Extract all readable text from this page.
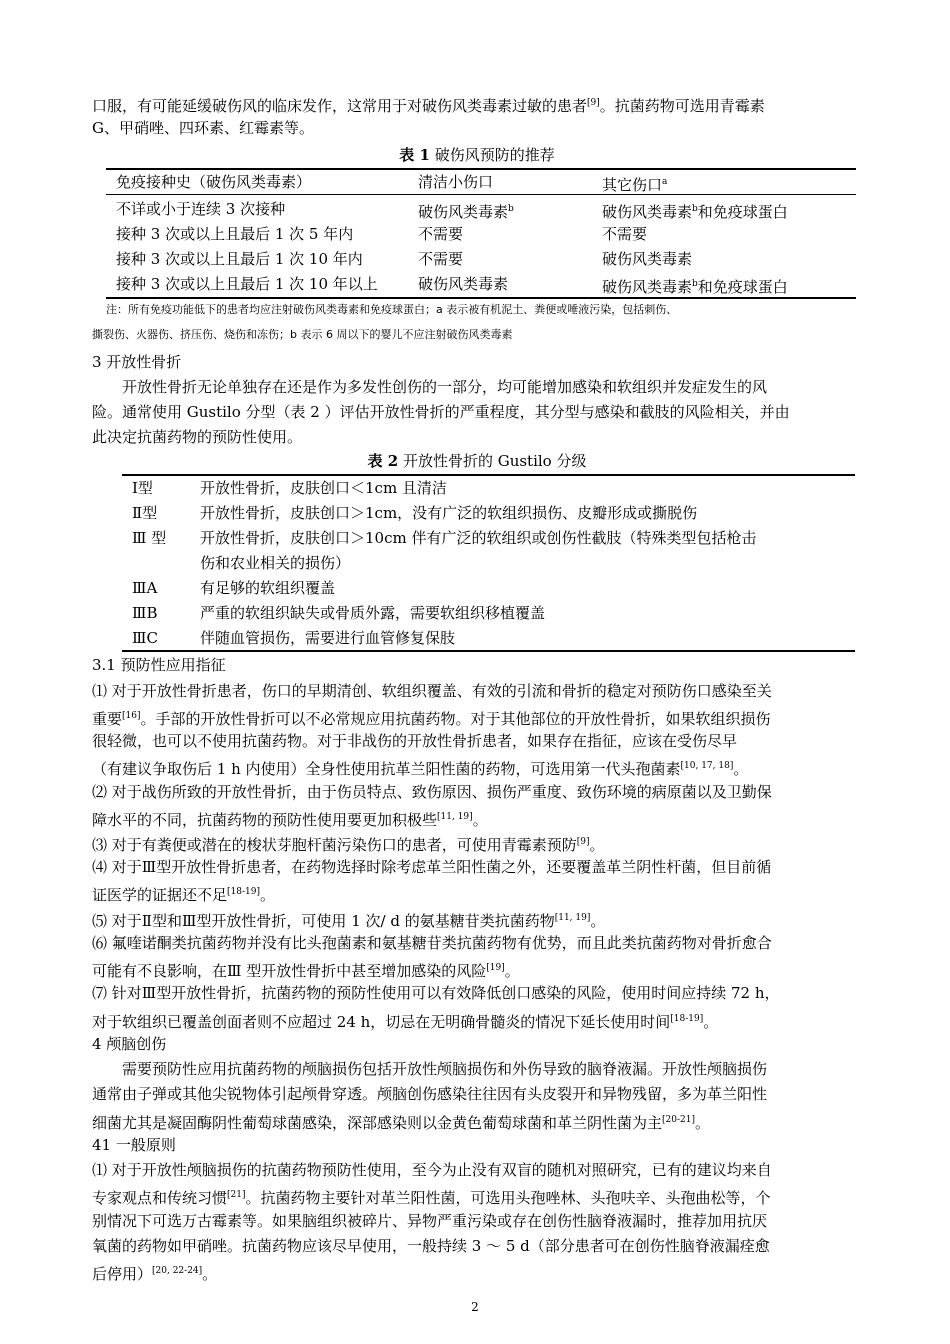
口服，有可能延缓破伤风的临床发作，这常用于对破伤风类毒素过敏的患者[9]。抗菌药物可选用青霉素
G、甲硝唑、四环素、红霉素等。
表 1 破伤风预防的推荐
免疫接种史（破伤风类毒素）	清洁小伤口	其它伤口$^a$
不详或小于连续 3 次接种	破伤风类毒素$^b$	破伤风类毒素$^b$和免疫球蛋白
接种 3 次或以上且最后 1 次 5 年内	不需要	不需要
接种 3 次或以上且最后 1 次 10 年内	不需要	破伤风类毒素
接种 3 次或以上且最后 1 次 10 年以上	破伤风类毒素	破伤风类毒素$^b$和免疫球蛋白
注：所有免疫功能低下的患者均应注射破伤风类毒素和免疫球蛋白；a 表示被有机泥土、粪便或唾液污染，包括刺伤、
撕裂伤、火器伤、挤压伤、烧伤和冻伤；b 表示 6 周以下的婴儿不应注射破伤风类毒素
3 开放性骨折
开放性骨折无论单独存在还是作为多发性创伤的一部分，均可能增加感染和软组织并发症发生的风
险。通常使用 Gustilo 分型（表 2 ）评估开放性骨折的严重程度，其分型与感染和截肢的风险相关，并由
此决定抗菌药物的预防性使用。
表 2 开放性骨折的 Gustilo 分级
Ⅰ型	开放性骨折，皮肤创口＜1cm 且清洁
Ⅱ型	开放性骨折，皮肤创口＞1cm，没有广泛的软组织损伤、皮瓣形成或撕脱伤
Ⅲ 型 开放性骨折，皮肤创口＞10cm 伴有广泛的软组织或创伤性截肢（特殊类型包括枪击
伤和农业相关的损伤）
ⅢA	有足够的软组织覆盖
ⅢB	严重的软组织缺失或骨质外露，需要软组织移植覆盖
ⅢC	伴随血管损伤，需要进行血管修复保肢
3.1 预防性应用指征
⑴ 对于开放性骨折患者，伤口的早期清创、软组织覆盖、有效的引流和骨折的稳定对预防伤口感染至关
重要[16]。手部的开放性骨折可以不必常规应用抗菌药物。对于其他部位的开放性骨折，如果软组织损伤
很轻微，也可以不使用抗菌药物。对于非战伤的开放性骨折患者，如果存在指征，应该在受伤尽早
（有建议争取伤后 1 h 内使用）全身性使用抗革兰阳性菌的药物，可选用第一代头孢菌素[10, 17, 18]。
⑵ 对于战伤所致的开放性骨折，由于伤员特点、致伤原因、损伤严重度、致伤环境的病原菌以及卫勤保
障水平的不同，抗菌药物的预防性使用要更加积极些[11, 19]。
⑶ 对于有粪便或潜在的梭状芽胞杆菌污染伤口的患者，可使用青霉素预防[9]。
⑷ 对于Ⅲ型开放性骨折患者，在药物选择时除考虑革兰阳性菌之外，还要覆盖革兰阴性杆菌，但目前循
证医学的证据还不足[18-19]。
⑸ 对于Ⅱ型和Ⅲ型开放性骨折，可使用 1 次/ d 的氨基糖苷类抗菌药物[11, 19]。
⑹ 氟喹诺酮类抗菌药物并没有比头孢菌素和氨基糖苷类抗菌药物有优势，而且此类抗菌药物对骨折愈合
可能有不良影响，在Ⅲ 型开放性骨折中甚至增加感染的风险[19]。
⑺ 针对Ⅲ型开放性骨折，抗菌药物的预防性使用可以有效降低创口感染的风险，使用时间应持续 72 h，
对于软组织已覆盖创面者则不应超过 24 h，切忌在无明确骨髓炎的情况下延长使用时间[18-19]。
4 颅脑创伤
需要预防性应用抗菌药物的颅脑损伤包括开放性颅脑损伤和外伤导致的脑脊液漏。开放性颅脑损伤
通常由子弹或其他尖锐物体引起颅骨穿透。颅脑创伤感染往往因有头皮裂开和异物残留，多为革兰阳性
细菌尤其是凝固酶阴性葡萄球菌感染，深部感染则以金黄色葡萄球菌和革兰阴性菌为主[20-21]。
41 一般原则
⑴ 对于开放性颅脑损伤的抗菌药物预防性使用，至今为止没有双盲的随机对照研究，已有的建议均来自
专家观点和传统习惯[21]。抗菌药物主要针对革兰阳性菌，可选用头孢唑林、头孢呋辛、头孢曲松等，个
别情况下可选万古霉素等。如果脑组织被碎片、异物严重污染或存在创伤性脑脊液漏时，推荐加用抗厌
氧菌的药物如甲硝唑。抗菌药物应该尽早使用，一般持续 3 ～ 5 d（部分患者可在创伤性脑脊液漏痊愈
后停用）[20, 22-24]。
2
